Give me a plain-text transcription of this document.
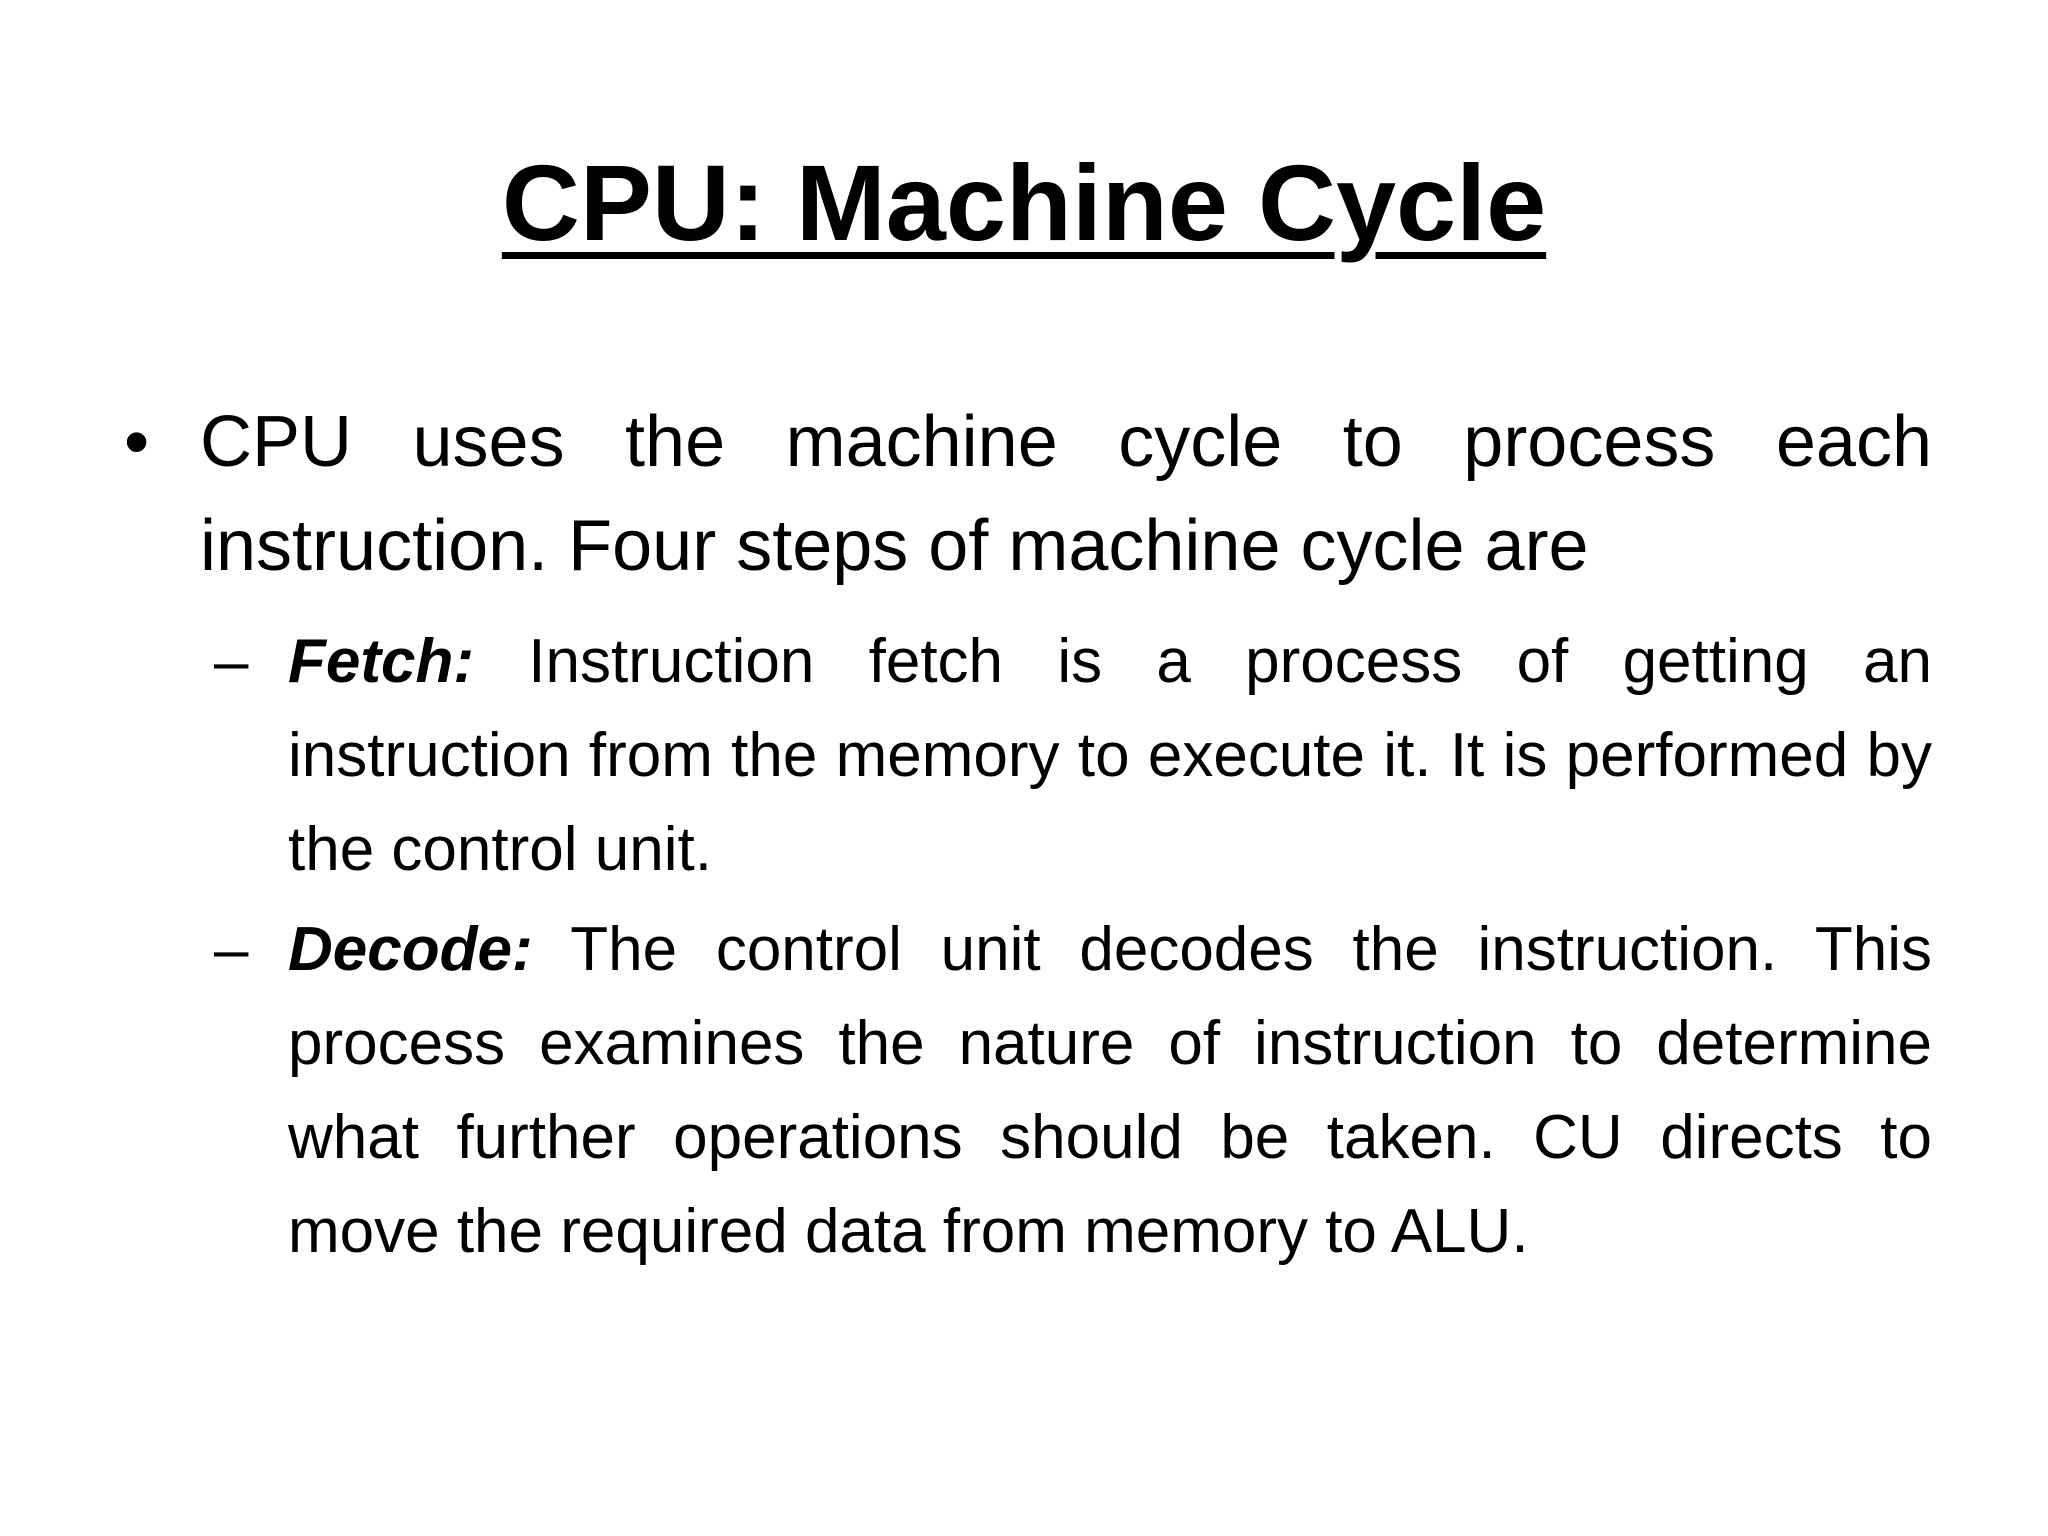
CPU: Machine Cycle
• CPU uses the machine cycle to process each instruction. Four steps of machine cycle are
– Fetch: Instruction fetch is a process of getting an instruction from the memory to execute it. It is performed by the control unit.
– Decode: The control unit decodes the instruction. This process examines the nature of instruction to determine what further operations should be taken. CU directs to move the required data from memory to ALU.
